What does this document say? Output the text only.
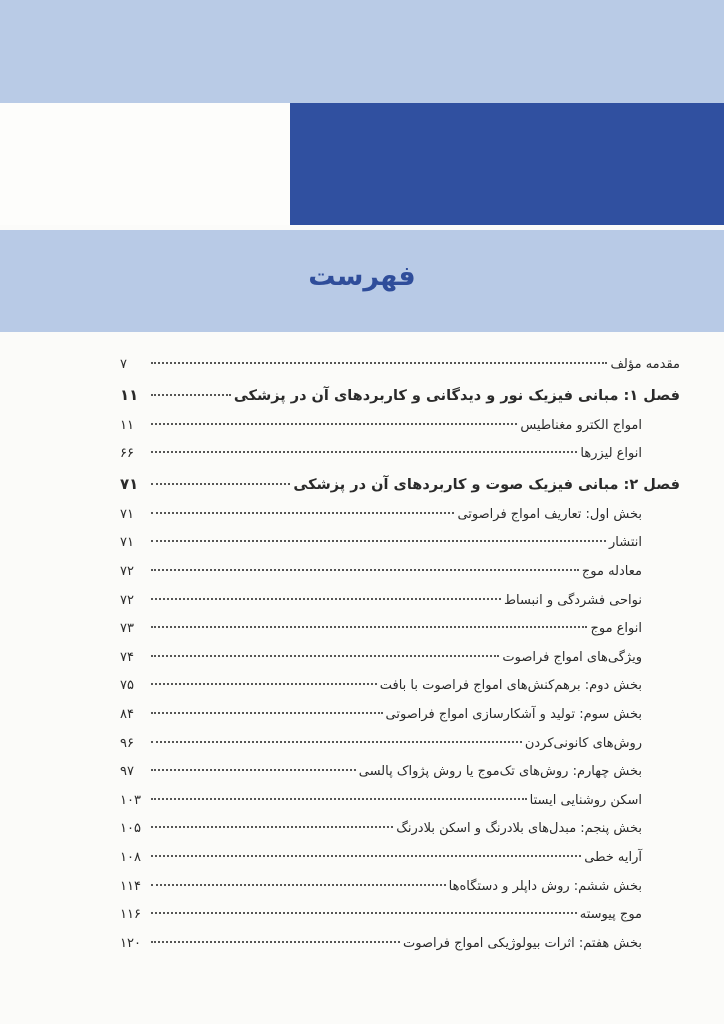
فهرست
مقدمه مؤلف
۷
فصل ۱: مبانی فیزیک نور و دیدگانی و کاربردهای آن در پزشکی
۱۱
امواج الکترو مغناطیس
۱۱
انواع لیزرها
۶۶
فصل ۲: مبانی فیزیک صوت و کاربردهای آن در پزشکی
۷۱
بخش اول: تعاریف امواج فراصوتی
۷۱
انتشار
۷۱
معادله موج
۷۲
نواحی فشردگی و انبساط
۷۲
انواع موج
۷۳
ویژگی‌های امواج فراصوت
۷۴
بخش دوم: برهم‌کنش‌های امواج فراصوت با بافت
۷۵
بخش سوم: تولید و آشکارسازی امواج فراصوتی
۸۴
روش‌های کانونی‌کردن
۹۶
بخش چهارم: روش‌های تک‌موج یا روش پژواک پالسی
۹۷
اسکن روشنایی ایستا
۱۰۳
بخش پنجم: مبدل‌های بلادرنگ و اسکن بلادرنگ
۱۰۵
آرایه خطی
۱۰۸
بخش ششم: روش داپلر و دستگاه‌ها
۱۱۴
موج پیوسته
۱۱۶
بخش هفتم: اثرات بیولوژیکی امواج فراصوت
۱۲۰
